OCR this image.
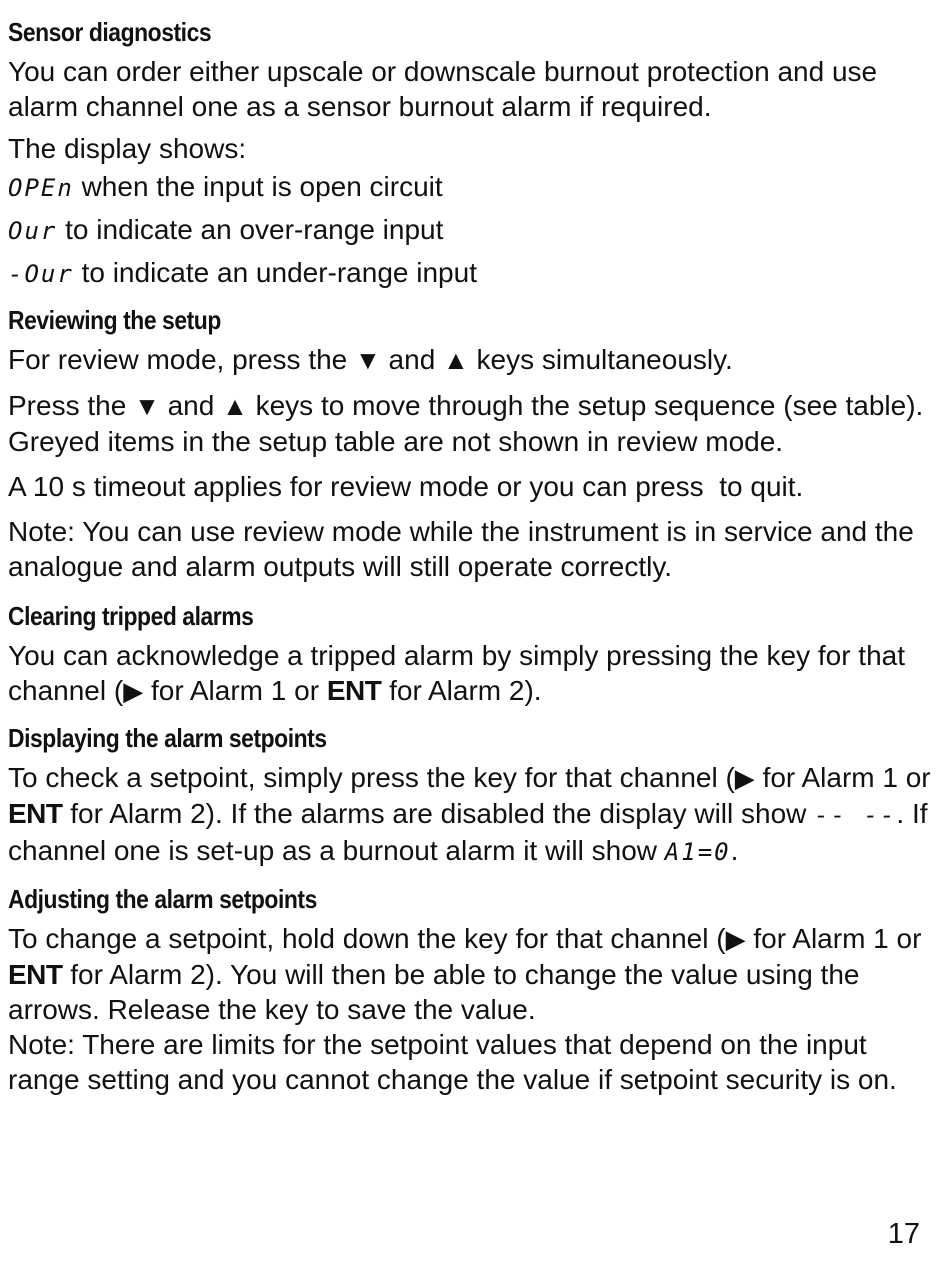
Sensor diagnostics

You can order either upscale or downscale burnout protection and use alarm channel one as a sensor burnout alarm if required.

The display shows:

OPEn when the input is open circuit
Our to indicate an over-range input
-Our to indicate an under-range input
Reviewing the setup

For review mode, press the ▼ and ▲ keys simultaneously.

Press the ▼ and ▲ keys to move through the setup sequence (see table). Greyed items in the setup table are not shown in review mode.

A 10 s timeout applies for review mode or you can press  to quit.

Note: You can use review mode while the instrument is in service and the analogue and alarm outputs will still operate correctly.

Clearing tripped alarms

You can acknowledge a tripped alarm by simply pressing the key for that channel (▶ for Alarm 1 or ENT for Alarm 2).

Displaying the alarm setpoints

To check a setpoint, simply press the key for that channel (▶ for Alarm 1 or ENT for Alarm 2). If the alarms are disabled the display will show -- --. If channel one is set-up as a burnout alarm it will show A1=0.

Adjusting the alarm setpoints

To change a setpoint, hold down the key for that channel (▶ for Alarm 1 or ENT for Alarm 2). You will then be able to change the value using the arrows. Release the key to save the value.

Note: There are limits for the setpoint values that depend on the input range setting and you cannot change the value if setpoint security is on.

17
